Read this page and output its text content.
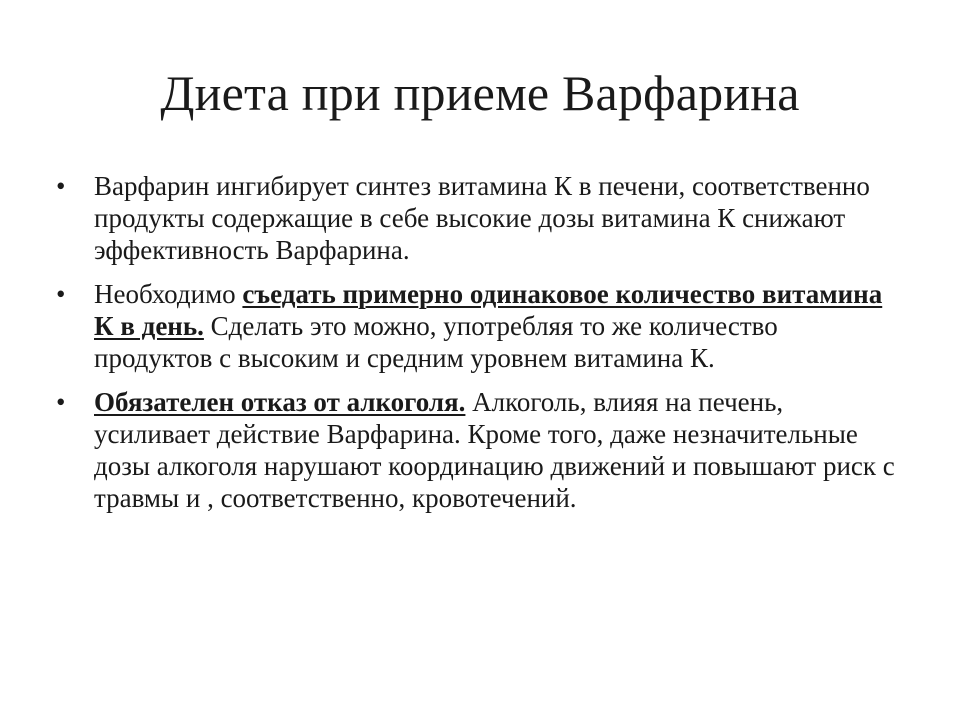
Диета при приеме Варфарина
•	Варфарин ингибирует синтез витамина К в печени, соответственно продукты содержащие в себе высокие дозы витамина К снижают эффективность Варфарина.
•	Необходимо съедать примерно одинаковое количество витамина К в день. Сделать это можно, употребляя то же количество продуктов с высоким и средним уровнем витамина К.
•	Обязателен отказ от алкоголя. Алкоголь, влияя на печень, усиливает действие Варфарина. Кроме того, даже незначительные дозы алкоголя нарушают координацию движений и повышают риск с травмы и , соответственно, кровотечений.
